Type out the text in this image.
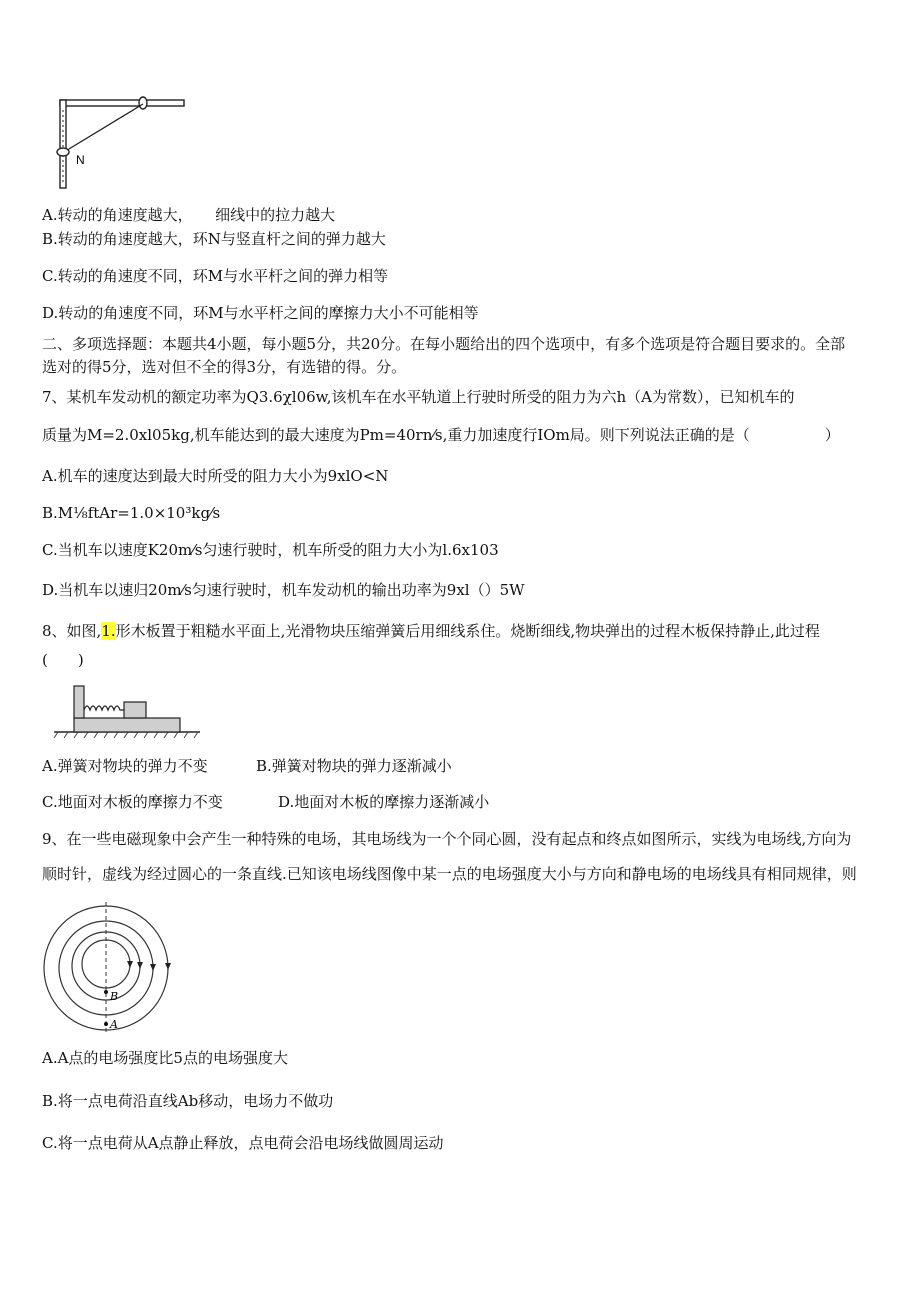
N
A.转动的角速度越大，　　细线中的拉力越大
B.转动的角速度越大，环N与竖直杆之间的弹力越大
C.转动的角速度不同，环M与水平杆之间的弹力相等
D.转动的角速度不同，环M与水平杆之间的摩擦力大小不可能相等
二、多项选择题：本题共4小题，每小题5分，共20分。在每小题给出的四个选项中，有多个选项是符合题目要求的。全部
选对的得5分，选对但不全的得3分，有选错的得。分。
7、某机车发动机的额定功率为Q3.6χl06w,该机车在水平轨道上行驶时所受的阻力为六h（A为常数），已知机车的
质量为M=2.0xl05kg,机车能达到的最大速度为Pm=40rn⁄s,重力加速度行IOm局。则下列说法正确的是（　　　　　）
A.机车的速度达到最大时所受的阻力大小为9xlO<N
B.M⅛ftAr=1.0×10³kg⁄s
C.当机车以速度K20m⁄s匀速行驶时，机车所受的阻力大小为l.6x103
D.当机车以速归20m⁄s匀速行驶时，机车发动机的输出功率为9xl（）5W
8、如图,1.形木板置于粗糙水平面上,光滑物块压缩弹簧后用细线系住。烧断细线,物块弹出的过程木板保持静止,此过程
(　　)
A.弹簧对物块的弹力不变	B.弹簧对物块的弹力逐渐减小
C.地面对木板的摩擦力不变	D.地面对木板的摩擦力逐渐减小
9、在一些电磁现象中会产生一种特殊的电场，其电场线为一个个同心圆，没有起点和终点如图所示，实线为电场线,方向为
顺时针，虚线为经过圆心的一条直线.已知该电场线图像中某一点的电场强度大小与方向和静电场的电场线具有相同规律，则
B
A
A.A点的电场强度比5点的电场强度大
B.将一点电荷沿直线Ab移动，电场力不做功
C.将一点电荷从A点静止释放，点电荷会沿电场线做圆周运动
